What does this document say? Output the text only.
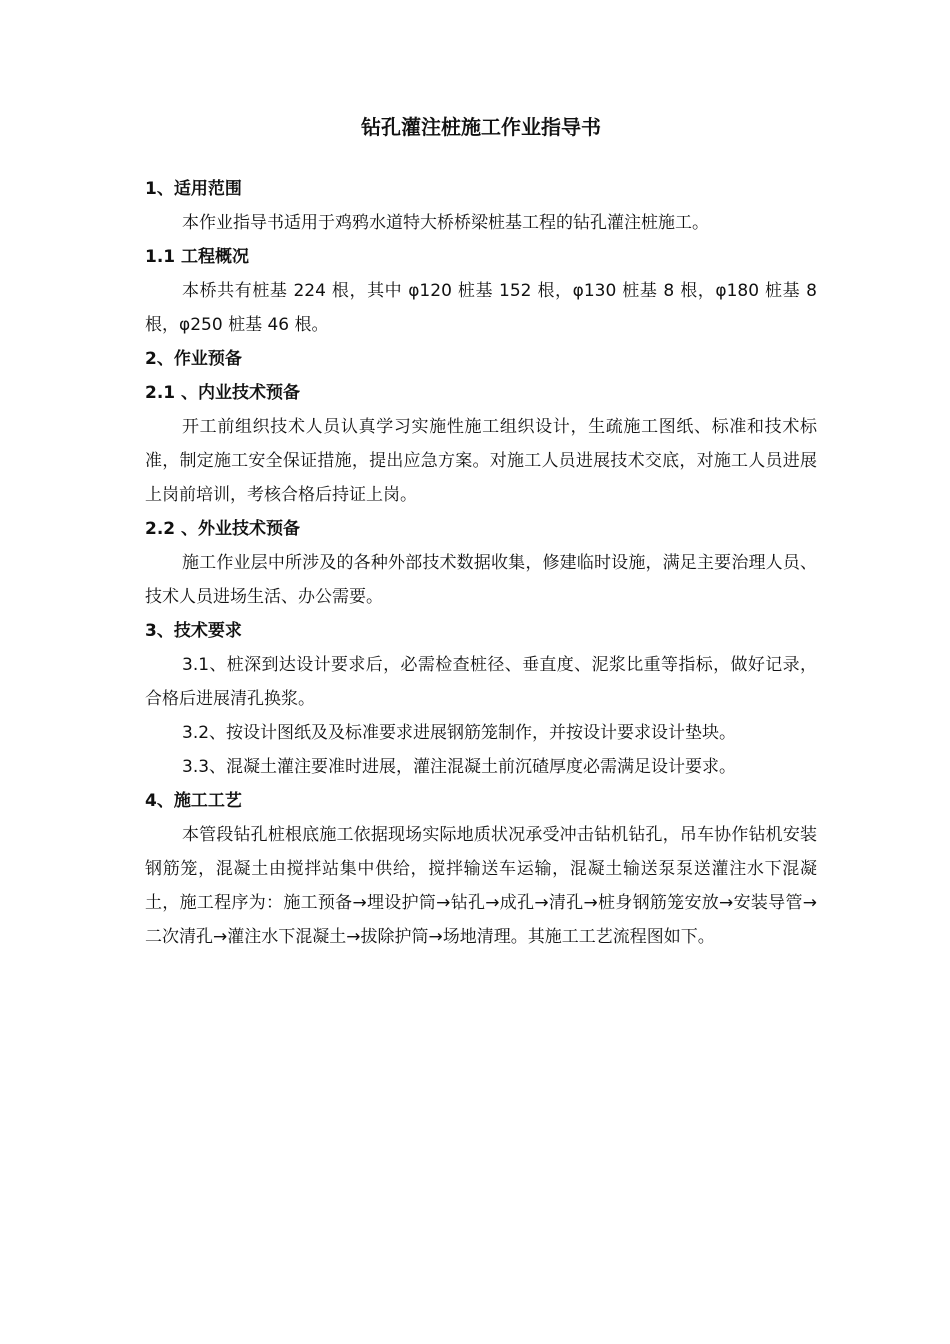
钻孔灌注桩施工作业指导书
1、适用范围

本作业指导书适用于鸡鸦水道特大桥桥梁桩基工程的钻孔灌注桩施工。

1.1 工程概况

本桥共有桩基 224 根，其中 φ120 桩基 152 根，φ130 桩基 8 根，φ180 桩基 8 根，φ250 桩基 46 根。

2、作业预备
2.1 、内业技术预备

开工前组织技术人员认真学习实施性施工组织设计，生疏施工图纸、标准和技术标准，制定施工安全保证措施，提出应急方案。对施工人员进展技术交底，对施工人员进展上岗前培训，考核合格后持证上岗。

2.2 、外业技术预备

施工作业层中所涉及的各种外部技术数据收集，修建临时设施，满足主要治理人员、技术人员进场生活、办公需要。

3、技术要求

3.1、桩深到达设计要求后，必需检查桩径、垂直度、泥浆比重等指标，做好记录，合格后进展清孔换浆。

3.2、按设计图纸及及标准要求进展钢筋笼制作，并按设计要求设计垫块。

3.3、混凝土灌注要准时进展，灌注混凝土前沉碴厚度必需满足设计要求。

4、施工工艺

本管段钻孔桩根底施工依据现场实际地质状况承受冲击钻机钻孔，吊车协作钻机安装钢筋笼，混凝土由搅拌站集中供给，搅拌输送车运输，混凝土输送泵泵送灌注水下混凝土，施工程序为：施工预备→埋设护筒→钻孔→成孔→清孔→桩身钢筋笼安放→安装导管→二次清孔→灌注水下混凝土→拔除护筒→场地清理。其施工工艺流程图如下。
